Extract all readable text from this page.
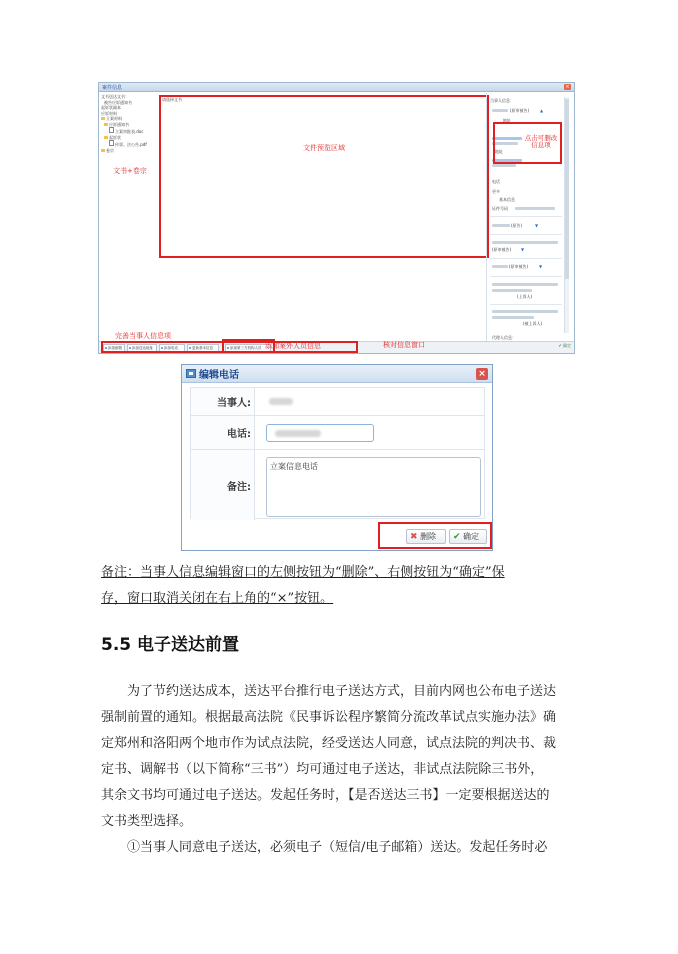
案件信息	×
文书送达文书：
被告应诉通知书
起诉状副本
应诉材料
立案材料
应诉通知书
立案审批表.doc
起诉状
传票、法公告.pdf
卷宗
文书+卷宗
请选择文书
文件预览区域
当事人信息：
(原审被告)	▲
地址
地址
电话
更多
基本信息
证件号码
(原告)	▼
(原审被告) ▼
(原审被告)	▼
(上诉人)
(被上诉人)
代理人信息：
点击可删改信息项
添加邮箱	添加送达地址	添加电话	更新基本信息	添加第三方机构人员
完善当事人信息项
添加案外人员信息	核对信息窗口	✔ 确定
编辑电话	×
当事人:
电话:
备注:
立案信息电话
✖ 删除	✔ 确定
备注：当事人信息编辑窗口的左侧按钮为“删除”、右侧按钮为“确定”保
存，窗口取消关闭在右上角的“×”按钮。
5.5 电子送达前置
为了节约送达成本，送达平台推行电子送达方式，目前内网也公布电子送达
强制前置的通知。根据最高法院《民事诉讼程序繁简分流改革试点实施办法》确
定郑州和洛阳两个地市作为试点法院，经受送达人同意，试点法院的判决书、裁
定书、调解书（以下简称“三书”）均可通过电子送达，非试点法院除三书外，
其余文书均可通过电子送达。发起任务时，【是否送达三书】一定要根据送达的
文书类型选择。
①当事人同意电子送达，必须电子（短信/电子邮箱）送达。发起任务时必
